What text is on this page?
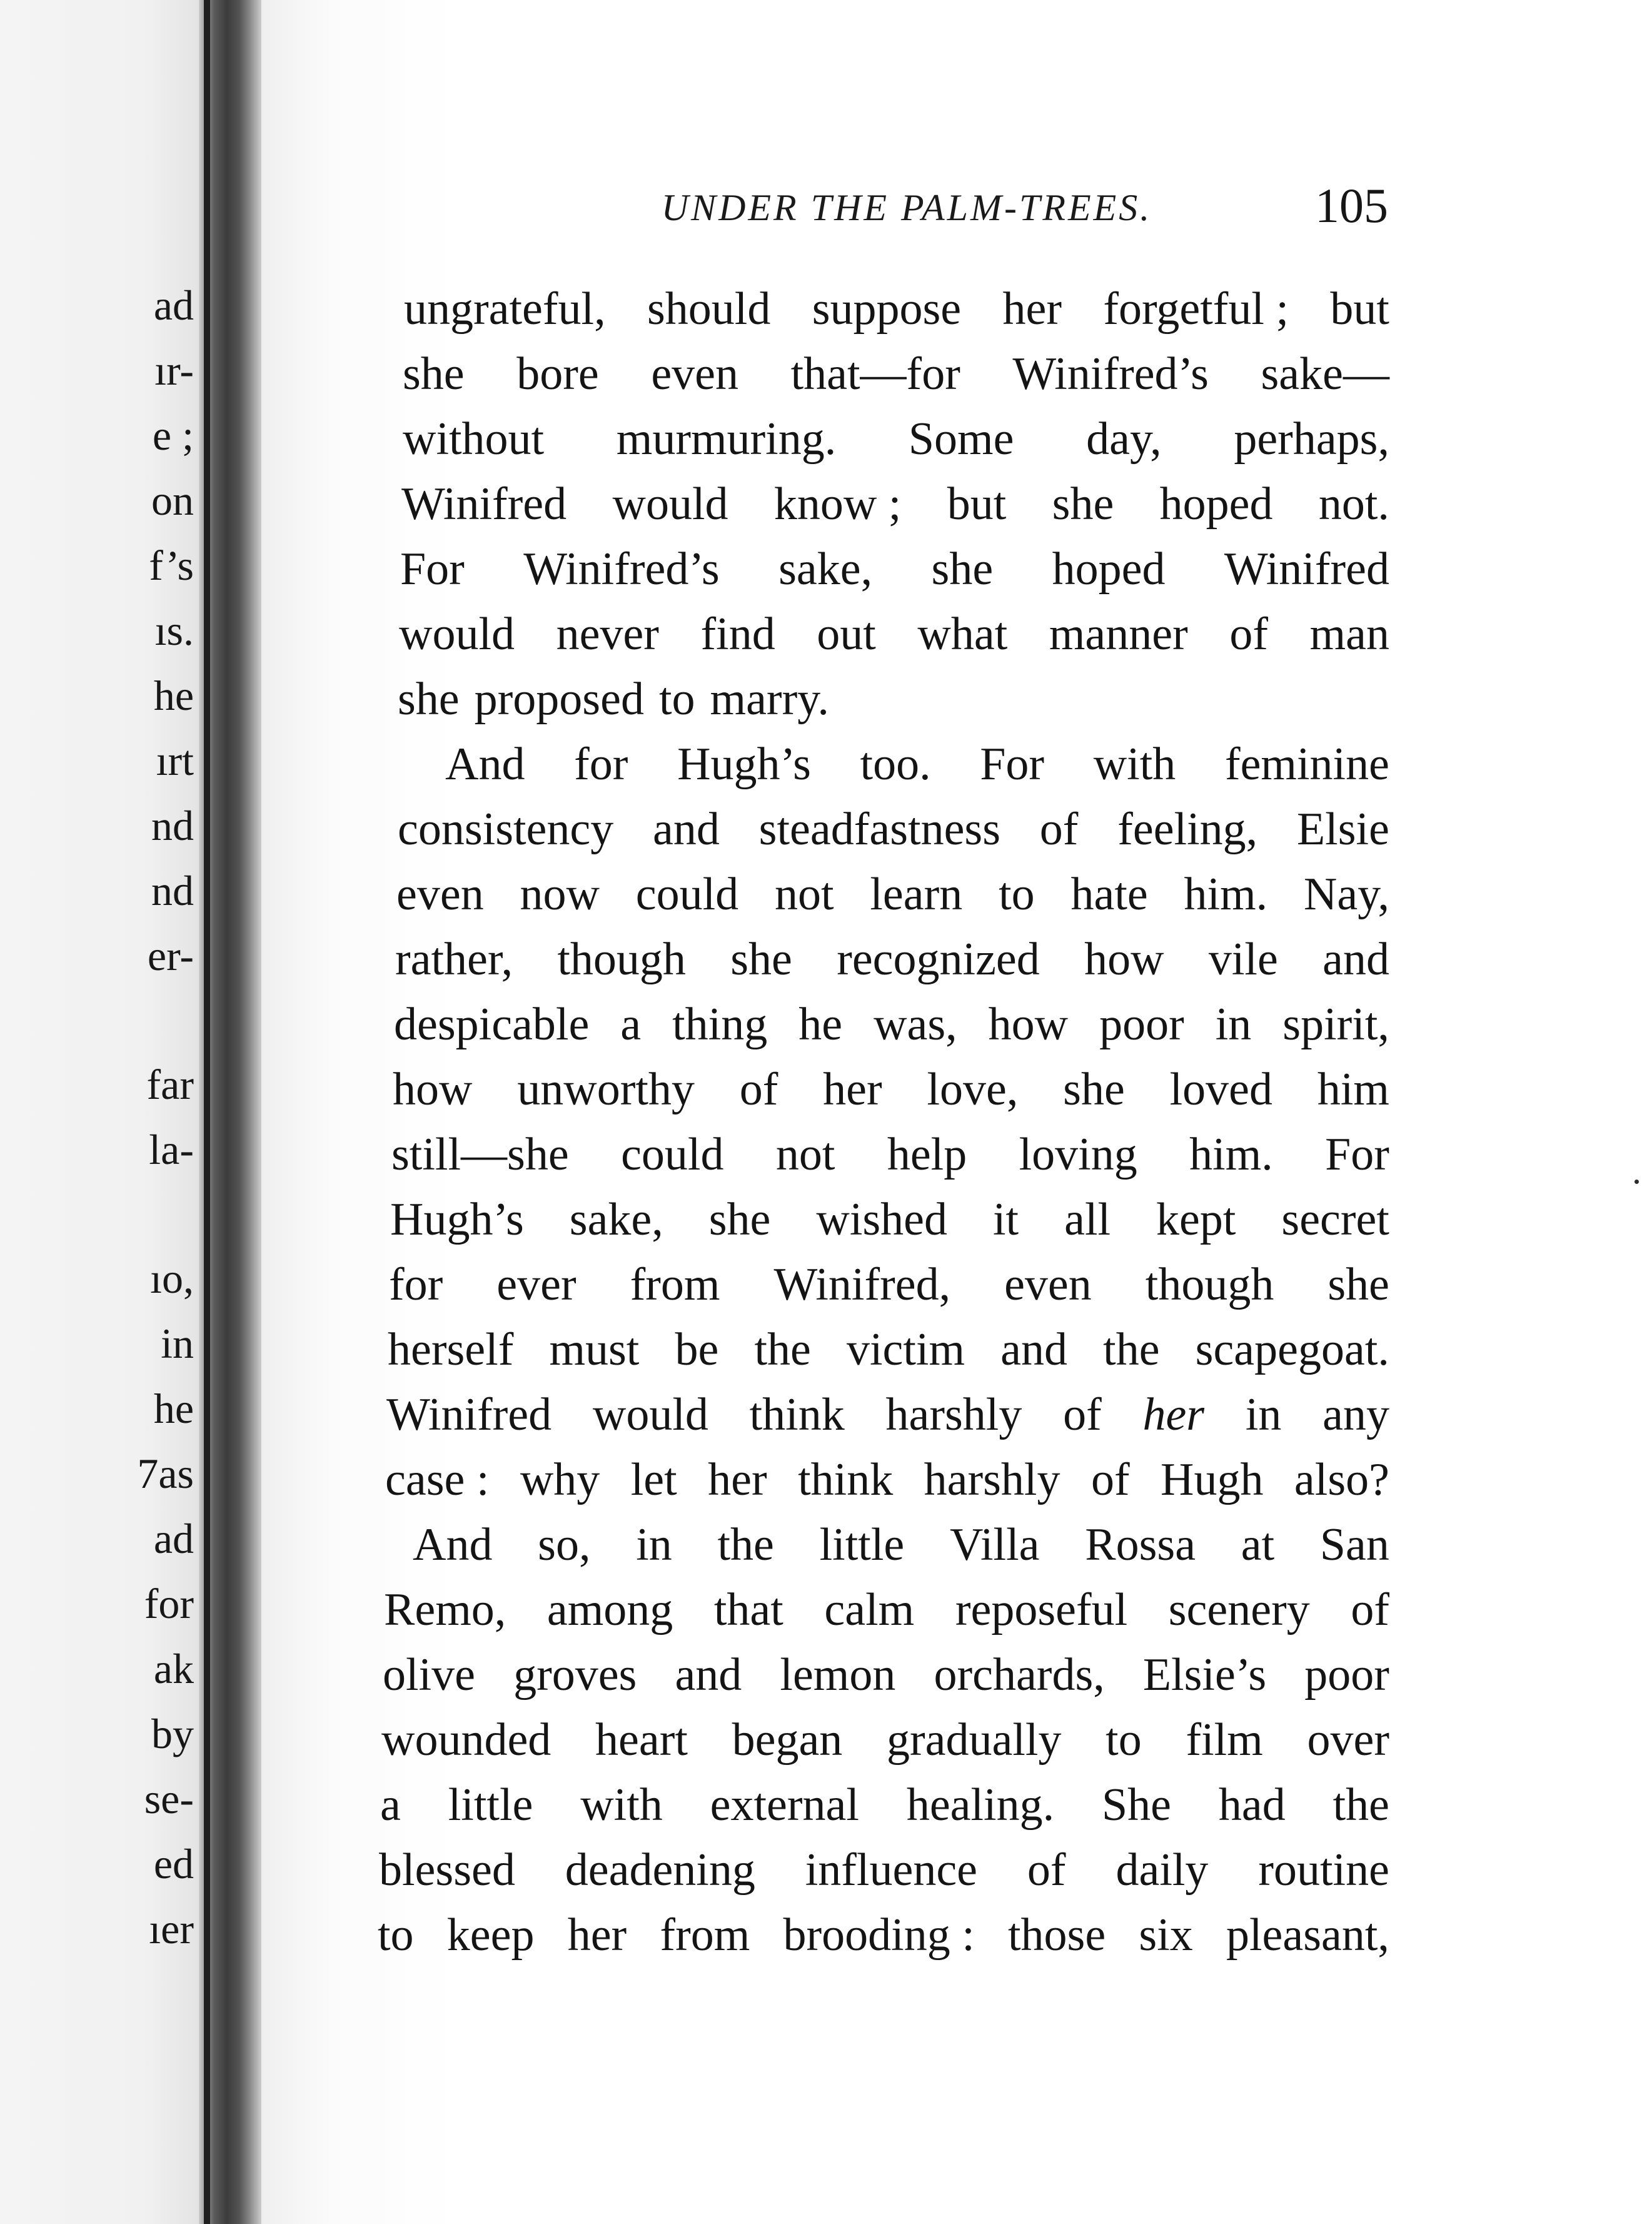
ad
ır-
e ;
on
f’s
ıs.
he
ırt
nd
nd
er-
far
la-
ıo,
in
he
7as
ad
for
ak
by
se-
ed
ıer
UNDER THE PALM-TREES.	105
ungrateful, should suppose her forgetful ; but
she bore even that—for Winifred’s sake—
without murmuring. Some day, perhaps,
Winifred would know ; but she hoped not.
For Winifred’s sake, she hoped Winifred
would never find out what manner of man
she proposed to marry.
And for Hugh’s too. For with feminine
consistency and steadfastness of feeling, Elsie
even now could not learn to hate him. Nay,
rather, though she recognized how vile and
despicable a thing he was, how poor in spirit,
how unworthy of her love, she loved him
still—she could not help loving him. For
Hugh’s sake, she wished it all kept secret
for ever from Winifred, even though she
herself must be the victim and the scapegoat.
Winifred would think harshly of her in any
case : why let her think harshly of Hugh also?
And so, in the little Villa Rossa at San
Remo, among that calm reposeful scenery of
olive groves and lemon orchards, Elsie’s poor
wounded heart began gradually to film over
a little with external healing. She had the
blessed deadening influence of daily routine
to keep her from brooding : those six pleasant,
